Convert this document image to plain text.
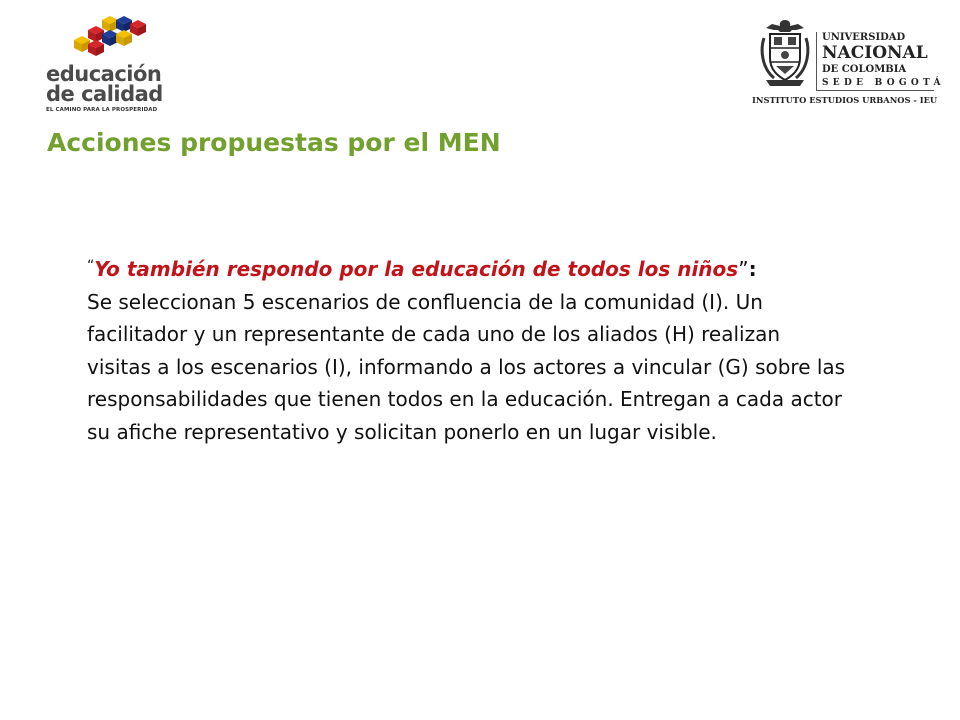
educación
de calidad
EL CAMINO PARA LA PROSPERIDAD
UNIVERSIDAD
NACIONAL
DE COLOMBIA
SEDE BOGOTÁ
INSTITUTO ESTUDIOS URBANOS - IEU
Acciones propuestas por el MEN
“Yo también respondo por la educación de todos los niños”:
Se seleccionan 5 escenarios de confluencia de la comunidad (I). Un facilitador y un representante de cada uno de los aliados (H) realizan visitas a los escenarios (I), informando a los actores a vincular (G) sobre las responsabilidades que tienen todos en la educación. Entregan a cada actor su afiche representativo y solicitan ponerlo en un lugar visible.
